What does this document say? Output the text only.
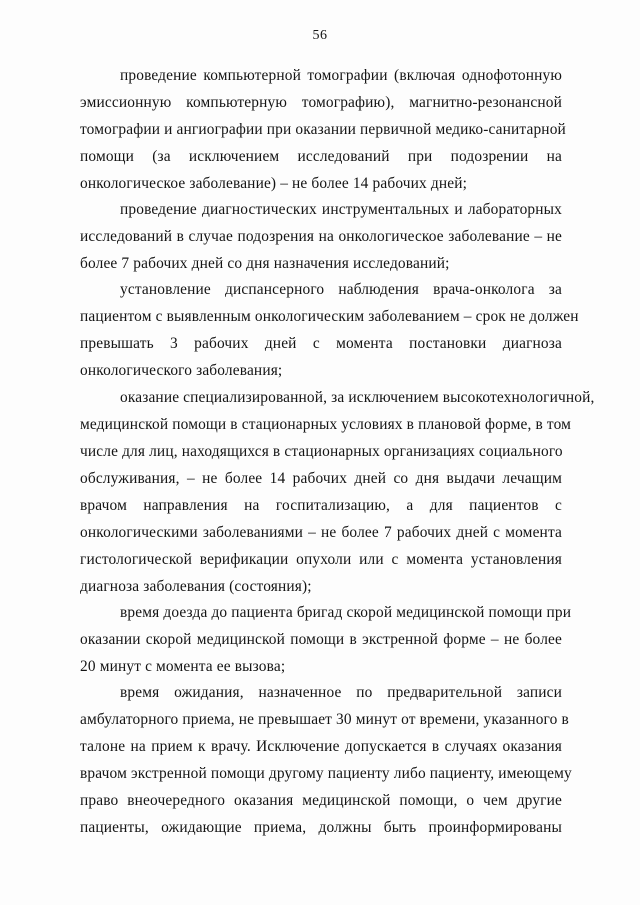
56
проведение компьютерной томографии (включая однофотонную
эмиссионную компьютерную томографию), магнитно-резонансной
томографии и ангиографии при оказании первичной медико-санитарной
помощи (за исключением исследований при подозрении на
онкологическое заболевание) – не более 14 рабочих дней;
проведение диагностических инструментальных и лабораторных
исследований в случае подозрения на онкологическое заболевание – не
более 7 рабочих дней со дня назначения исследований;
установление диспансерного наблюдения врача-онколога за
пациентом с выявленным онкологическим заболеванием – срок не должен
превышать 3 рабочих дней с момента постановки диагноза
онкологического заболевания;
оказание специализированной, за исключением высокотехнологичной,
медицинской помощи в стационарных условиях в плановой форме, в том
числе для лиц, находящихся в стационарных организациях социального
обслуживания, – не более 14 рабочих дней со дня выдачи лечащим
врачом направления на госпитализацию, а для пациентов с
онкологическими заболеваниями – не более 7 рабочих дней с момента
гистологической верификации опухоли или с момента установления
диагноза заболевания (состояния);
время доезда до пациента бригад скорой медицинской помощи при
оказании скорой медицинской помощи в экстренной форме – не более
20 минут с момента ее вызова;
время ожидания, назначенное по предварительной записи
амбулаторного приема, не превышает 30 минут от времени, указанного в
талоне на прием к врачу. Исключение допускается в случаях оказания
врачом экстренной помощи другому пациенту либо пациенту, имеющему
право внеочередного оказания медицинской помощи, о чем другие
пациенты, ожидающие приема, должны быть проинформированы
